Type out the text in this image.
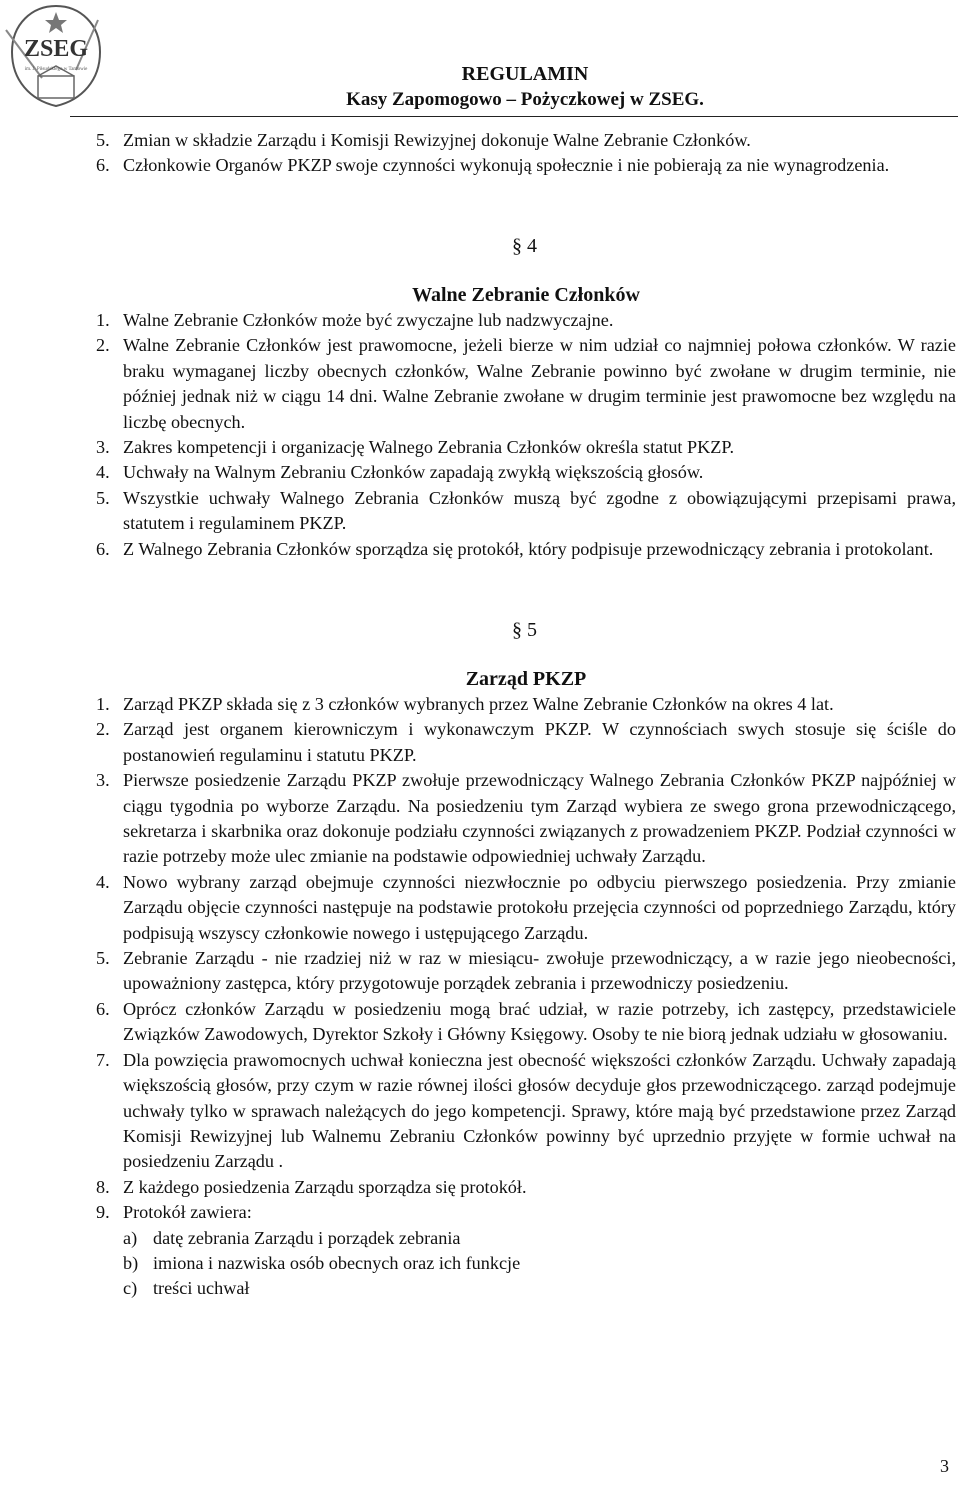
ZSEG
im. J. Piłsudskiego w Tarnowie	REGULAMIN
Kasy Zapomogowo – Pożyczkowej w ZSEG.
5. Zmian w składzie Zarządu i Komisji Rewizyjnej dokonuje Walne Zebranie Członków.
6. Członkowie Organów PKZP swoje czynności wykonują społecznie i nie pobierają za nie wynagrodzenia.
§ 4
Walne Zebranie Członków
1. Walne Zebranie Członków może być zwyczajne lub nadzwyczajne.
2. Walne Zebranie Członków jest prawomocne, jeżeli bierze w nim udział co najmniej połowa członków. W razie braku wymaganej liczby obecnych członków, Walne Zebranie powinno być zwołane w drugim terminie, nie później jednak niż w ciągu 14 dni. Walne Zebranie zwołane w drugim terminie jest prawomocne bez względu na liczbę obecnych.
3. Zakres kompetencji i organizację Walnego Zebrania Członków określa statut PKZP.
4. Uchwały na Walnym Zebraniu Członków zapadają zwykłą większością głosów.
5. Wszystkie uchwały Walnego Zebrania Członków muszą być zgodne z obowiązującymi przepisami prawa, statutem i regulaminem PKZP.
6. Z Walnego Zebrania Członków sporządza się protokół, który podpisuje przewodniczący zebrania i protokolant.
§ 5
Zarząd PKZP
1. Zarząd PKZP składa się z 3 członków wybranych przez Walne Zebranie Członków na okres 4 lat.
2. Zarząd jest organem kierowniczym i wykonawczym PKZP. W czynnościach swych stosuje się ściśle do postanowień regulaminu i statutu PKZP.
3. Pierwsze posiedzenie Zarządu PKZP zwołuje przewodniczący Walnego Zebrania Członków PKZP najpóźniej w ciągu tygodnia po wyborze Zarządu. Na posiedzeniu tym Zarząd wybiera ze swego grona przewodniczącego, sekretarza i skarbnika oraz dokonuje podziału czynności związanych z prowadzeniem PKZP. Podział czynności w razie potrzeby może ulec zmianie na podstawie odpowiedniej uchwały Zarządu.
4. Nowo wybrany zarząd obejmuje czynności niezwłocznie po odbyciu pierwszego posiedzenia. Przy zmianie Zarządu objęcie czynności następuje na podstawie protokołu przejęcia czynności od poprzedniego Zarządu, który podpisują wszyscy członkowie nowego i ustępującego Zarządu.
5. Zebranie Zarządu - nie rzadziej niż w raz w miesiącu- zwołuje przewodniczący, a w razie jego nieobecności, upoważniony zastępca, który przygotowuje porządek zebrania i przewodniczy posiedzeniu.
6. Oprócz członków Zarządu w posiedzeniu mogą brać udział, w razie potrzeby, ich zastępcy, przedstawiciele Związków Zawodowych, Dyrektor Szkoły i Główny Księgowy. Osoby te nie biorą jednak udziału w głosowaniu.
7. Dla powzięcia prawomocnych uchwał konieczna jest obecność większości członków Zarządu. Uchwały zapadają większością głosów, przy czym w razie równej ilości głosów decyduje głos przewodniczącego. zarząd podejmuje uchwały tylko w sprawach należących do jego kompetencji. Sprawy, które mają być przedstawione przez Zarząd Komisji Rewizyjnej lub Walnemu Zebraniu Członków powinny być uprzednio przyjęte w formie uchwał na posiedzeniu Zarządu .
8. Z każdego posiedzenia Zarządu sporządza się protokół.
9. Protokół zawiera:
a) datę zebrania Zarządu i porządek zebrania
b) imiona i nazwiska osób obecnych oraz ich funkcje
c) treści uchwał
3
